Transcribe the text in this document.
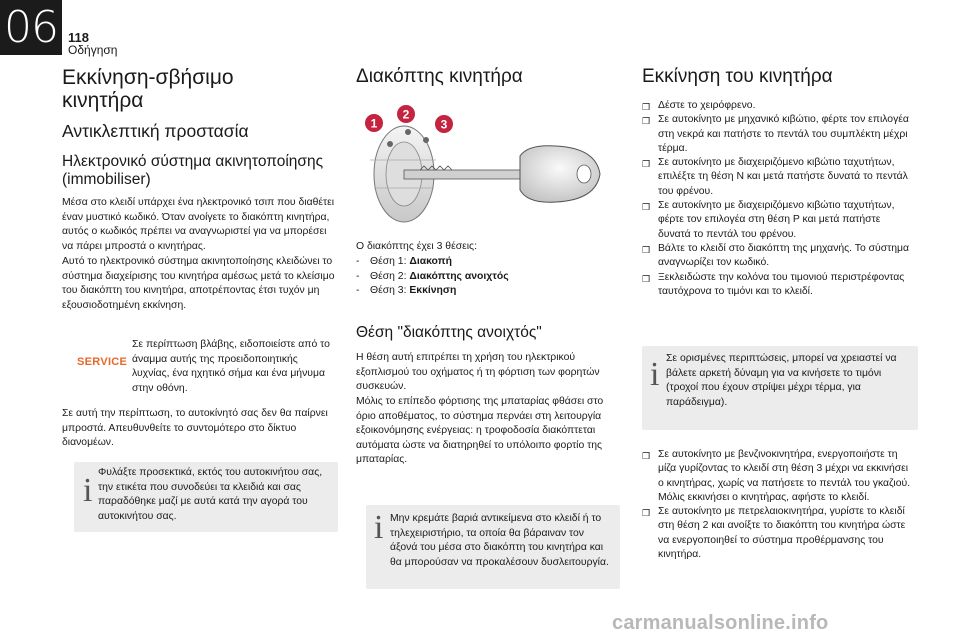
06 118
Οδήγηση
Εκκίνηση-σβήσιμο κινητήρα
Αντικλεπτική προστασία
Ηλεκτρονικό σύστημα ακινητοποίησης (immobiliser)

Μέσα στο κλειδί υπάρχει ένα ηλεκτρονικό τσιπ που διαθέτει έναν μυστικό κωδικό. Όταν ανοίγετε το διακόπτη κινητήρα, αυτός ο κωδικός πρέπει να αναγνωριστεί για να μπορέσει να πάρει μπροστά ο κινητήρας.

Αυτό το ηλεκτρονικό σύστημα ακινητοποίησης κλειδώνει το σύστημα διαχείρισης του κινητήρα αμέσως μετά το κλείσιμο του διακόπτη του κινητήρα, αποτρέποντας έτσι τυχόν μη εξουσιοδοτημένη εκκίνηση.

SERVICE

Σε περίπτωση βλάβης, ειδοποιείστε από το άναμμα αυτής της προειδοποιητικής λυχνίας, ένα ηχητικό σήμα και ένα μήνυμα στην οθόνη.

Σε αυτή την περίπτωση, το αυτοκίνητό σας δεν θα παίρνει μπροστά. Απευθυνθείτε το συντομότερο στο δίκτυο διανομέων.

i Φυλάξτε προσεκτικά, εκτός του αυτοκινήτου σας, την ετικέτα που συνοδεύει τα κλειδιά και σας παραδόθηκε μαζί με αυτά κατά την αγορά του αυτοκινήτου σας.

Διακόπτης κινητήρα
1
2
3

Ο διακόπτης έχει 3 θέσεις:

- Θέση 1: Διακοπή
- Θέση 2: Διακόπτης ανοιχτός
- Θέση 3: Εκκίνηση
Θέση "διακόπτης ανοιχτός"

Η θέση αυτή επιτρέπει τη χρήση του ηλεκτρικού εξοπλισμού του οχήματος ή τη φόρτιση των φορητών συσκευών.

Μόλις το επίπεδο φόρτισης της μπαταρίας φθάσει στο όριο αποθέματος, το σύστημα περνάει στη λειτουργία εξοικονόμησης ενέργειας: η τροφοδοσία διακόπτεται αυτόματα ώστε να διατηρηθεί το υπόλοιπο φορτίο της μπαταρίας.

i Μην κρεμάτε βαριά αντικείμενα στο κλειδί ή το τηλεχειριστήριο, τα οποία θα βάραιναν τον άξονά του μέσα στο διακόπτη του κινητήρα και θα μπορούσαν να προκαλέσουν δυσλειτουργία.

Εκκίνηση του κινητήρα
❒ Δέστε το χειρόφρενο.
❒ Σε αυτοκίνητο με μηχανικό κιβώτιο, φέρτε τον επιλογέα στη νεκρά και πατήστε το πεντάλ του συμπλέκτη μέχρι τέρμα.
❒ Σε αυτοκίνητο με διαχειριζόμενο κιβώτιο ταχυτήτων, επιλέξτε τη θέση N και μετά πατήστε δυνατά το πεντάλ του φρένου.
❒ Σε αυτοκίνητο με διαχειριζόμενο κιβώτιο ταχυτήτων, φέρτε τον επιλογέα στη θέση P και μετά πατήστε δυνατά το πεντάλ του φρένου.
❒ Βάλτε το κλειδί στο διακόπτη της μηχανής. Το σύστημα αναγνωρίζει τον κωδικό.
❒ Ξεκλειδώστε την κολόνα του τιμονιού περιστρέφοντας ταυτόχρονα το τιμόνι και το κλειδί.
i Σε ορισμένες περιπτώσεις, μπορεί να χρειαστεί να βάλετε αρκετή δύναμη για να κινήσετε το τιμόνι (τροχοί που έχουν στρίψει μέχρι τέρμα, για παράδειγμα).

❒ Σε αυτοκίνητο με βενζινοκινητήρα, ενεργοποιήστε τη μίζα γυρίζοντας το κλειδί στη θέση 3 μέχρι να εκκινήσει ο κινητήρας, χωρίς να πατήσετε το πεντάλ του γκαζιού. Μόλις εκκινήσει ο κινητήρας, αφήστε το κλειδί.
❒ Σε αυτοκίνητο με πετρελαιοκινητήρα, γυρίστε το κλειδί στη θέση 2 και ανοίξτε το διακόπτη του κινητήρα ώστε να ενεργοποιηθεί το σύστημα προθέρμανσης του κινητήρα.
carmanualsonline.info
